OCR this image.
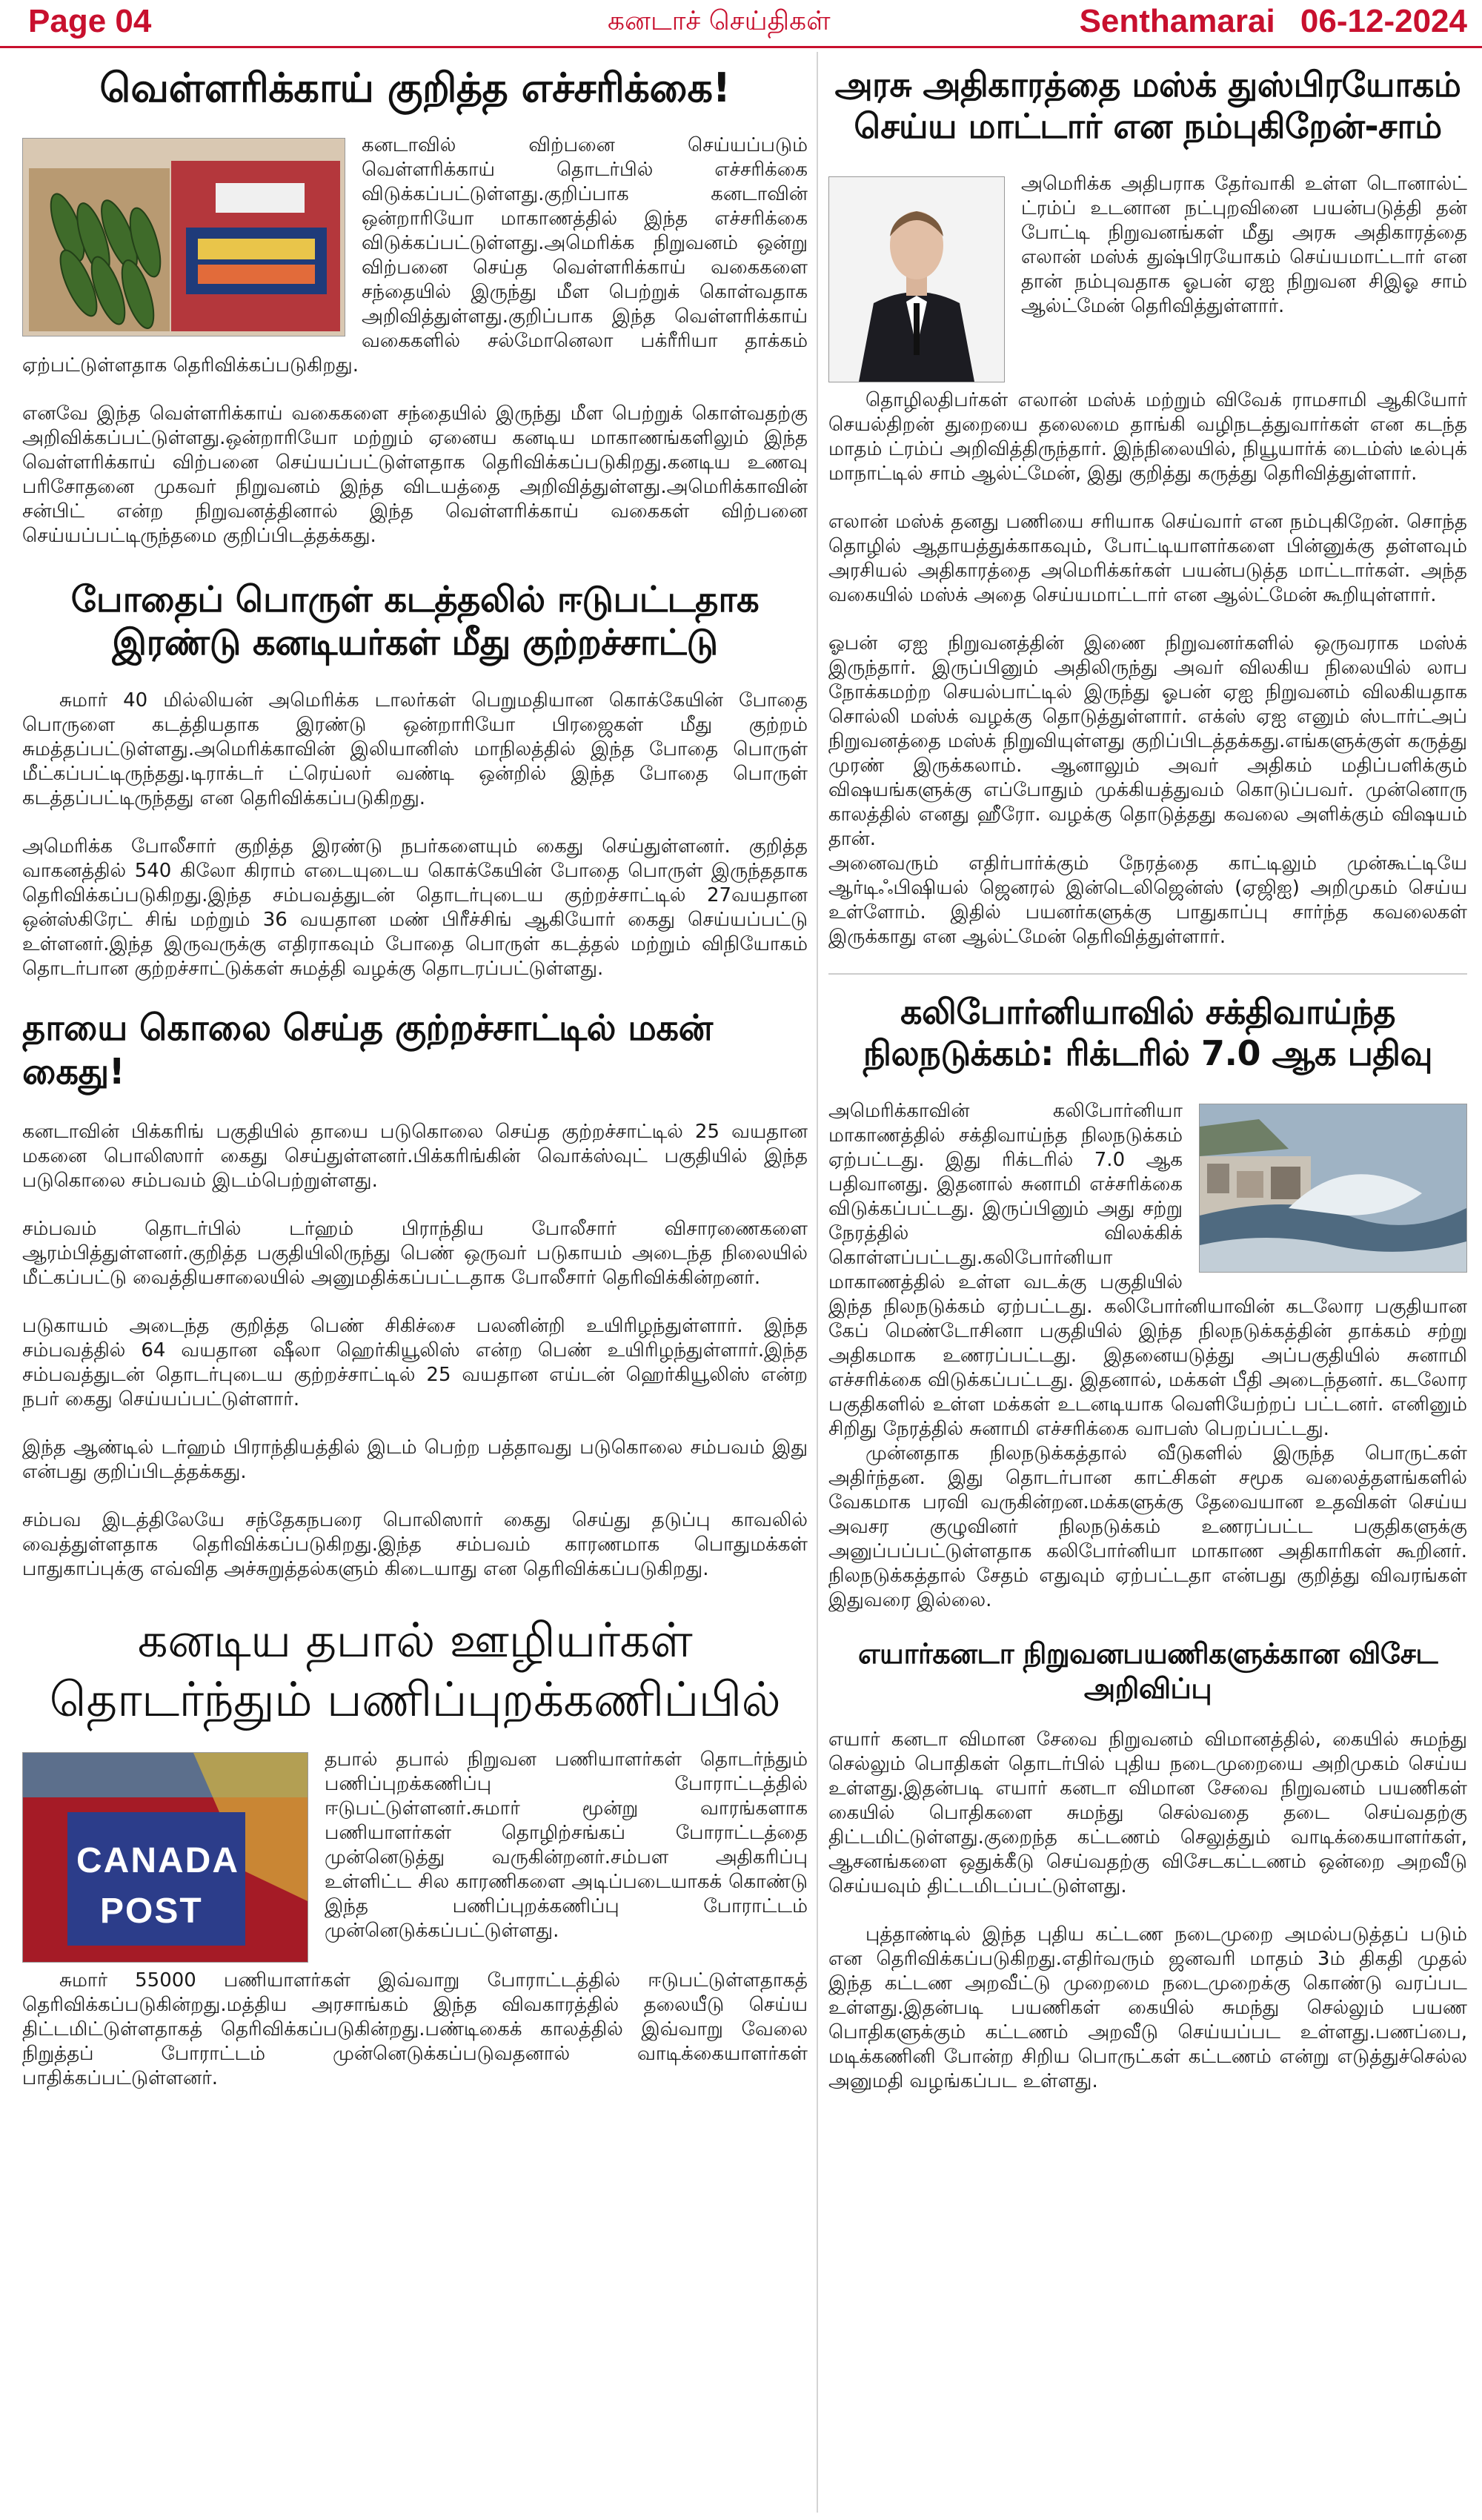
Page 04	கனடாச் செய்திகள்	Senthamarai 06-12-2024
வெள்ளரிக்காய் குறித்த எச்சரிக்கை!

கனடாவில் விற்பனை செய்யப்படும் வெள்ளரிக்காய் தொடர்பில் எச்சரிக்கை விடுக்கப்பட்டுள்ளது.குறிப்பாக கனடாவின் ஒன்றாரியோ மாகாணத்தில் இந்த எச்சரிக்கை விடுக்கப்பட்டுள்ளது.அமெரிக்க நிறுவனம் ஒன்று விற்பனை செய்த வெள்ளரிக்காய் வகைகளை சந்தையில் இருந்து மீள பெற்றுக் கொள்வதாக அறிவித்துள்ளது.குறிப்பாக இந்த வெள்ளரிக்காய் வகைகளில் சல்மோனெலா பக்ரீரியா தாக்கம் ஏற்பட்டுள்ளதாக தெரிவிக்கப்படுகிறது.

எனவே இந்த வெள்ளரிக்காய் வகைகளை சந்தையில் இருந்து மீள பெற்றுக் கொள்வதற்கு அறிவிக்கப்பட்டுள்ளது.ஒன்றாரியோ மற்றும் ஏனைய கனடிய மாகாணங்களிலும் இந்த வெள்ளரிக்காய் விற்பனை செய்யப்பட்டுள்ளதாக தெரிவிக்கப்படுகிறது.கனடிய உணவு பரிசோதனை முகவர் நிறுவனம் இந்த விடயத்தை அறிவித்துள்ளது.அமெரிக்காவின் சன்பிட் என்ற நிறுவனத்தினால் இந்த வெள்ளரிக்காய் வகைகள் விற்பனை செய்யப்பட்டிருந்தமை குறிப்பிடத்தக்கது.

போதைப் பொருள் கடத்தலில் ஈடுபட்டதாக
இரண்டு கனடியர்கள் மீது குற்றச்சாட்டு

சுமார் 40 மில்லியன் அமெரிக்க டாலர்கள் பெறுமதியான கொக்கேயின் போதை பொருளை கடத்தியதாக இரண்டு ஒன்றாரியோ பிரஜைகள் மீது குற்றம் சுமத்தப்பட்டுள்ளது.அமெரிக்காவின் இலியானிஸ் மாநிலத்தில் இந்த போதை பொருள் மீட்கப்பட்டிருந்தது.டிராக்டர் ட்ரெய்லர் வண்டி ஒன்றில் இந்த போதை பொருள் கடத்தப்பட்டிருந்தது என தெரிவிக்கப்படுகிறது.

அமெரிக்க போலீசார் குறித்த இரண்டு நபர்களையும் கைது செய்துள்ளனர். குறித்த வாகனத்தில் 540 கிலோ கிராம் எடையுடைய கொக்கேயின் போதை பொருள் இருந்ததாக தெரிவிக்கப்படுகிறது.இந்த சம்பவத்துடன் தொடர்புடைய குற்றச்சாட்டில் 27வயதான ஒன்ஸ்கிரேட் சிங் மற்றும் 36 வயதான மண் பிரீச்சிங் ஆகியோர் கைது செய்யப்பட்டு உள்ளனர்.இந்த இருவருக்கு எதிராகவும் போதை பொருள் கடத்தல் மற்றும் விநியோகம் தொடர்பான குற்றச்சாட்டுக்கள் சுமத்தி வழக்கு தொடரப்பட்டுள்ளது.

தாயை கொலை செய்த குற்றச்சாட்டில் மகன் கைது!

கனடாவின் பிக்கரிங் பகுதியில் தாயை படுகொலை செய்த குற்றச்சாட்டில் 25 வயதான மகனை பொலிஸார் கைது செய்துள்ளனர்.பிக்கரிங்கின் வொக்ஸ்வுட் பகுதியில் இந்த படுகொலை சம்பவம் இடம்பெற்றுள்ளது.

சம்பவம் தொடர்பில் டர்ஹம் பிராந்திய போலீசார் விசாரணைகளை ஆரம்பித்துள்ளனர்.குறித்த பகுதியிலிருந்து பெண் ஒருவர் படுகாயம் அடைந்த நிலையில் மீட்கப்பட்டு வைத்தியசாலையில் அனுமதிக்கப்பட்டதாக போலீசார் தெரிவிக்கின்றனர்.

படுகாயம் அடைந்த குறித்த பெண் சிகிச்சை பலனின்றி உயிரிழந்துள்ளார். இந்த சம்பவத்தில் 64 வயதான ஷீலா ஹெர்கியூலிஸ் என்ற பெண் உயிரிழந்துள்ளார்.இந்த சம்பவத்துடன் தொடர்புடைய குற்றச்சாட்டில் 25 வயதான எய்டன் ஹெர்கியூலிஸ் என்ற நபர் கைது செய்யப்பட்டுள்ளார்.

இந்த ஆண்டில் டர்ஹம் பிராந்தியத்தில் இடம் பெற்ற பத்தாவது படுகொலை சம்பவம் இது என்பது குறிப்பிடத்தக்கது.

சம்பவ இடத்திலேயே சந்தேகநபரை பொலிஸார் கைது செய்து தடுப்பு காவலில் வைத்துள்ளதாக தெரிவிக்கப்படுகிறது.இந்த சம்பவம் காரணமாக பொதுமக்கள் பாதுகாப்புக்கு எவ்வித அச்சுறுத்தல்களும் கிடையாது என தெரிவிக்கப்படுகிறது.

கனடிய தபால் ஊழியர்கள்
தொடர்ந்தும் பணிப்புறக்கணிப்பில்
CANADA
POST

தபால் தபால் நிறுவன பணியாளர்கள் தொடர்ந்தும் பணிப்புறக்கணிப்பு போராட்டத்தில் ஈடுபட்டுள்ளனர்.சுமார் மூன்று வாரங்களாக பணியாளர்கள் தொழிற்சங்கப் போராட்டத்தை முன்னெடுத்து வருகின்றனர்.சம்பள அதிகரிப்பு உள்ளிட்ட சில காரணிகளை அடிப்படையாகக் கொண்டு இந்த பணிப்புறக்கணிப்பு போராட்டம் முன்னெடுக்கப்பட்டுள்ளது.

சுமார் 55000 பணியாளர்கள் இவ்வாறு போராட்டத்தில் ஈடுபட்டுள்ளதாகத் தெரிவிக்கப்படுகின்றது.மத்திய அரசாங்கம் இந்த விவகாரத்தில் தலையீடு செய்ய திட்டமிட்டுள்ளதாகத் தெரிவிக்கப்படுகின்றது.பண்டிகைக் காலத்தில் இவ்வாறு வேலை நிறுத்தப் போராட்டம் முன்னெடுக்கப்படுவதனால் வாடிக்கையாளர்கள் பாதிக்கப்பட்டுள்ளனர்.

அரசு அதிகாரத்தை மஸ்க் துஸ்பிரயோகம்
செய்ய மாட்டார் என நம்புகிறேன்-சாம்

அமெரிக்க அதிபராக தேர்வாகி உள்ள டொனால்ட் ட்ரம்ப் உடனான நட்புறவினை பயன்படுத்தி தன் போட்டி நிறுவனங்கள் மீது அரசு அதிகாரத்தை எலான் மஸ்க் துஷ்பிரயோகம் செய்யமாட்டார் என தான் நம்புவதாக ஓபன் ஏஐ நிறுவன சிஇஓ சாம் ஆல்ட்மேன் தெரிவித்துள்ளார்.

தொழிலதிபர்கள் எலான் மஸ்க் மற்றும் விவேக் ராமசாமி ஆகியோர் செயல்திறன் துறையை தலைமை தாங்கி வழிநடத்துவார்கள் என கடந்த மாதம் ட்ரம்ப் அறிவித்திருந்தார். இந்நிலையில், நியூயார்க் டைம்ஸ் டீல்புக் மாநாட்டில் சாம் ஆல்ட்மேன், இது குறித்து கருத்து தெரிவித்துள்ளார்.

எலான் மஸ்க் தனது பணியை சரியாக செய்வார் என நம்புகிறேன். சொந்த தொழில் ஆதாயத்துக்காகவும், போட்டியாளர்களை பின்னுக்கு தள்ளவும் அரசியல் அதிகாரத்தை அமெரிக்கர்கள் பயன்படுத்த மாட்டார்கள். அந்த வகையில் மஸ்க் அதை செய்யமாட்டார் என ஆல்ட்மேன் கூறியுள்ளார்.

ஓபன் ஏஐ நிறுவனத்தின் இணை நிறுவனர்களில் ஒருவராக மஸ்க் இருந்தார். இருப்பினும் அதிலிருந்து அவர் விலகிய நிலையில் லாப நோக்கமற்ற செயல்பாட்டில் இருந்து ஓபன் ஏஐ நிறுவனம் விலகியதாக சொல்லி மஸ்க் வழக்கு தொடுத்துள்ளார். எக்ஸ் ஏஐ எனும் ஸ்டார்ட்அப் நிறுவனத்தை மஸ்க் நிறுவியுள்ளது குறிப்பிடத்தக்கது.எங்களுக்குள் கருத்து முரண் இருக்கலாம். ஆனாலும் அவர் அதிகம் மதிப்பளிக்கும் விஷயங்களுக்கு எப்போதும் முக்கியத்துவம் கொடுப்பவர். முன்னொரு காலத்தில் எனது ஹீரோ. வழக்கு தொடுத்தது கவலை அளிக்கும் விஷயம் தான்.

அனைவரும் எதிர்பார்க்கும் நேரத்தை காட்டிலும் முன்கூட்டியே ஆர்டிஃபிஷியல் ஜெனரல் இன்டெலிஜென்ஸ் (ஏஜிஐ) அறிமுகம் செய்ய உள்ளோம். இதில் பயனர்களுக்கு பாதுகாப்பு சார்ந்த கவலைகள் இருக்காது என ஆல்ட்மேன் தெரிவித்துள்ளார்.

கலிபோர்னியாவில் சக்திவாய்ந்த
நிலநடுக்கம்: ரிக்டரில் 7.0 ஆக பதிவு

அமெரிக்காவின் கலிபோர்னியா மாகாணத்தில் சக்திவாய்ந்த நிலநடுக்கம் ஏற்பட்டது. இது ரிக்டரில் 7.0 ஆக பதிவானது. இதனால் சுனாமி எச்சரிக்கை விடுக்கப்பட்டது. இருப்பினும் அது சற்று நேரத்தில் விலக்கிக் கொள்ளப்பட்டது.கலிபோர்னியா மாகாணத்தில் உள்ள வடக்கு பகுதியில் இந்த நிலநடுக்கம் ஏற்பட்டது. கலிபோர்னியாவின் கடலோர பகுதியான கேப் மெண்டோசினா பகுதியில் இந்த நிலநடுக்கத்தின் தாக்கம் சற்று அதிகமாக உணரப்பட்டது. இதனையடுத்து அப்பகுதியில் சுனாமி எச்சரிக்கை விடுக்கப்பட்டது. இதனால், மக்கள் பீதி அடைந்தனர். கடலோர பகுதிகளில் உள்ள மக்கள் உடனடியாக வெளியேற்றப் பட்டனர். எனினும் சிறிது நேரத்தில் சுனாமி எச்சரிக்கை வாபஸ் பெறப்பட்டது.

முன்னதாக நிலநடுக்கத்தால் வீடுகளில் இருந்த பொருட்கள் அதிர்ந்தன. இது தொடர்பான காட்சிகள் சமூக வலைத்தளங்களில் வேகமாக பரவி வருகின்றன.மக்களுக்கு தேவையான உதவிகள் செய்ய அவசர குழுவினர் நிலநடுக்கம் உணரப்பட்ட பகுதிகளுக்கு அனுப்பப்பட்டுள்ளதாக கலிபோர்னியா மாகாண அதிகாரிகள் கூறினர். நிலநடுக்கத்தால் சேதம் எதுவும் ஏற்பட்டதா என்பது குறித்து விவரங்கள் இதுவரை இல்லை.

எயார்கனடா நிறுவனபயணிகளுக்கான விசேட அறிவிப்பு

எயார் கனடா விமான சேவை நிறுவனம் விமானத்தில், கையில் சுமந்து செல்லும் பொதிகள் தொடர்பில் புதிய நடைமுறையை அறிமுகம் செய்ய உள்ளது.இதன்படி எயார் கனடா விமான சேவை நிறுவனம் பயணிகள் கையில் பொதிகளை சுமந்து செல்வதை தடை செய்வதற்கு திட்டமிட்டுள்ளது.குறைந்த கட்டணம் செலுத்தும் வாடிக்கையாளர்கள், ஆசனங்களை ஒதுக்கீடு செய்வதற்கு விசேடகட்டணம் ஒன்றை அறவீடு செய்யவும் திட்டமிடப்பட்டுள்ளது.

புத்தாண்டில் இந்த புதிய கட்டண நடைமுறை அமல்படுத்தப் படும் என தெரிவிக்கப்படுகிறது.எதிர்வரும் ஜனவரி மாதம் 3ம் திகதி முதல் இந்த கட்டண அறவீட்டு முறைமை நடைமுறைக்கு கொண்டு வரப்பட உள்ளது.இதன்படி பயணிகள் கையில் சுமந்து செல்லும் பயண பொதிகளுக்கும் கட்டணம் அறவீடு செய்யப்பட உள்ளது.பணப்பை, மடிக்கணினி போன்ற சிறிய பொருட்கள் கட்டணம் என்று எடுத்துச்செல்ல அனுமதி வழங்கப்பட உள்ளது.
